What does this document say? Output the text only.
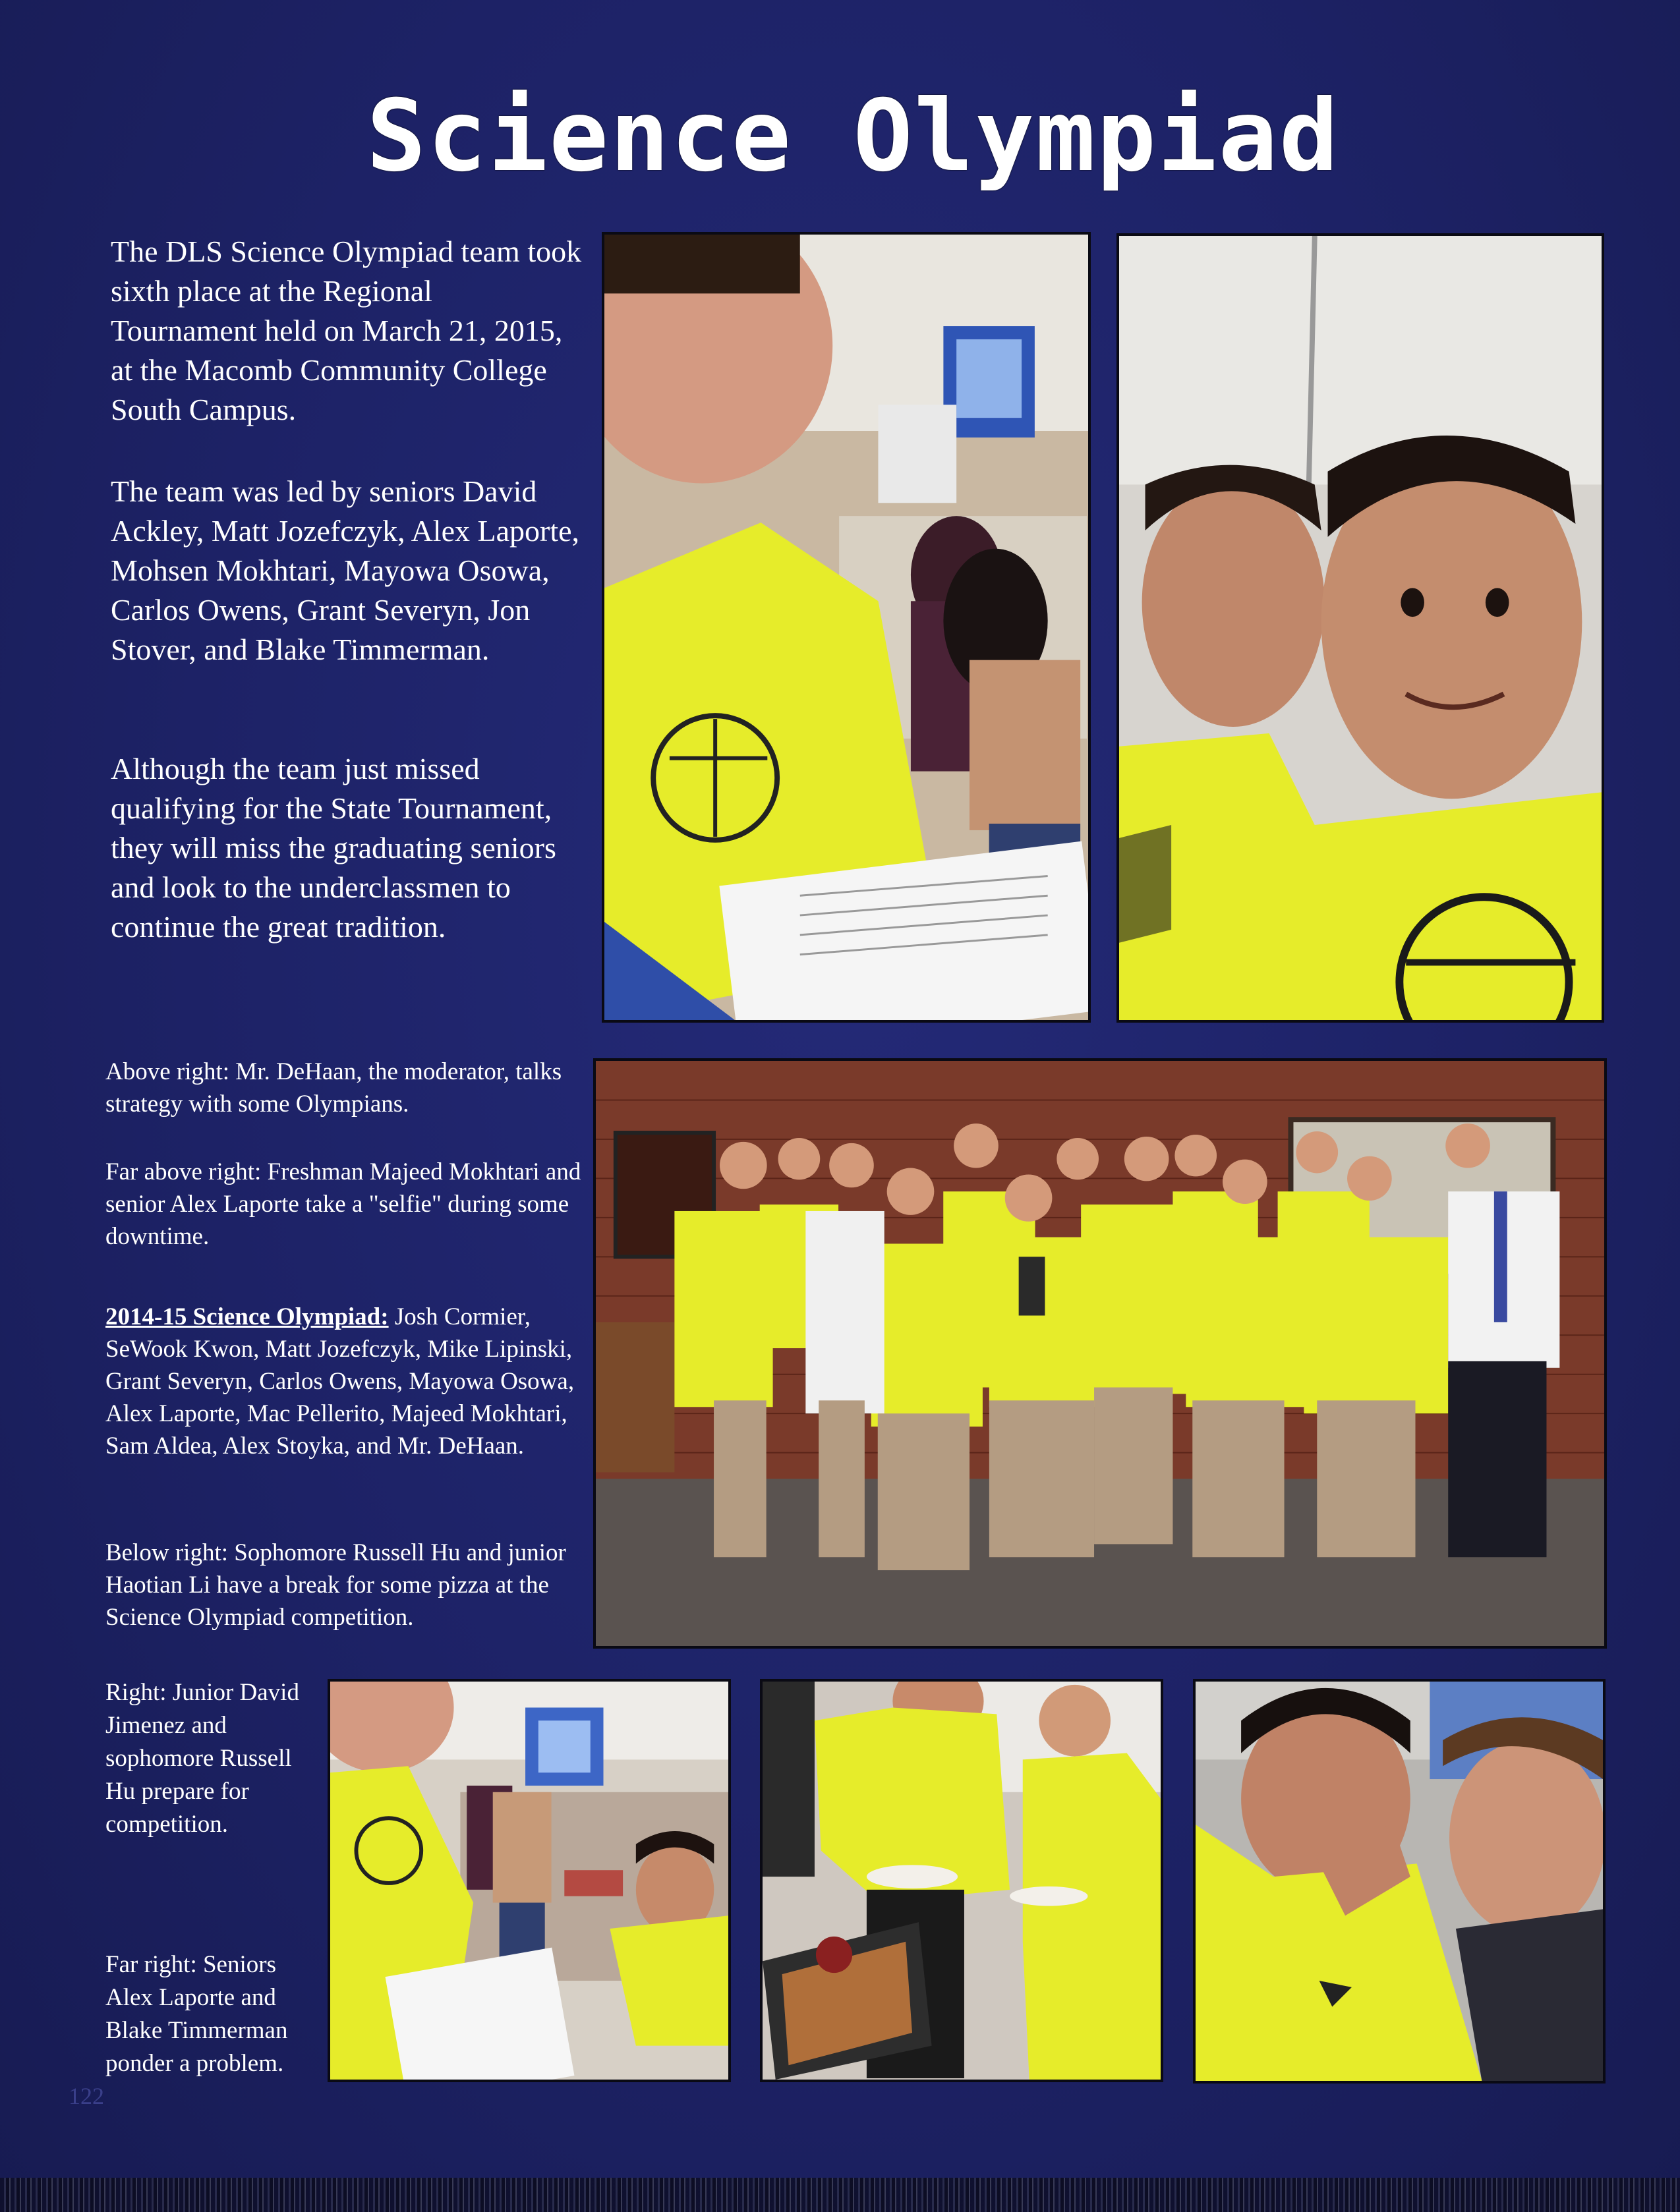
Science Olympiad
The DLS Science Olympiad team took sixth place at the Regional Tournament held on March 21, 2015, at the Macomb Community College South Campus.
The team was led by seniors David Ackley, Matt Jozefczyk, Alex Laporte, Mohsen Mokhtari, Mayowa Osowa, Carlos Owens, Grant Severyn, Jon Stover, and Blake Timmerman.
Although the team just missed qualifying for the State Tournament, they will miss the graduating seniors and look to the underclassmen to continue the great tradition.
Above right: Mr. DeHaan, the moderator, talks strategy with some Olympians.
Far above right: Freshman Majeed Mokhtari and senior Alex Laporte take a "selfie" during some downtime.
2014-15 Science Olympiad: Josh Cormier, SeWook Kwon, Matt Jozefczyk, Mike Lipinski, Grant Severyn, Carlos Owens, Mayowa Osowa, Alex Laporte, Mac Pellerito, Majeed Mokhtari, Sam Aldea, Alex Stoyka, and Mr. DeHaan.
Below right: Sophomore Russell Hu and junior Haotian Li have a break for some pizza at the Science Olympiad competition.
Right: Junior David Jimenez and sophomore Russell Hu prepare for competition.
Far right: Seniors Alex Laporte and Blake Timmerman ponder a problem.
122
